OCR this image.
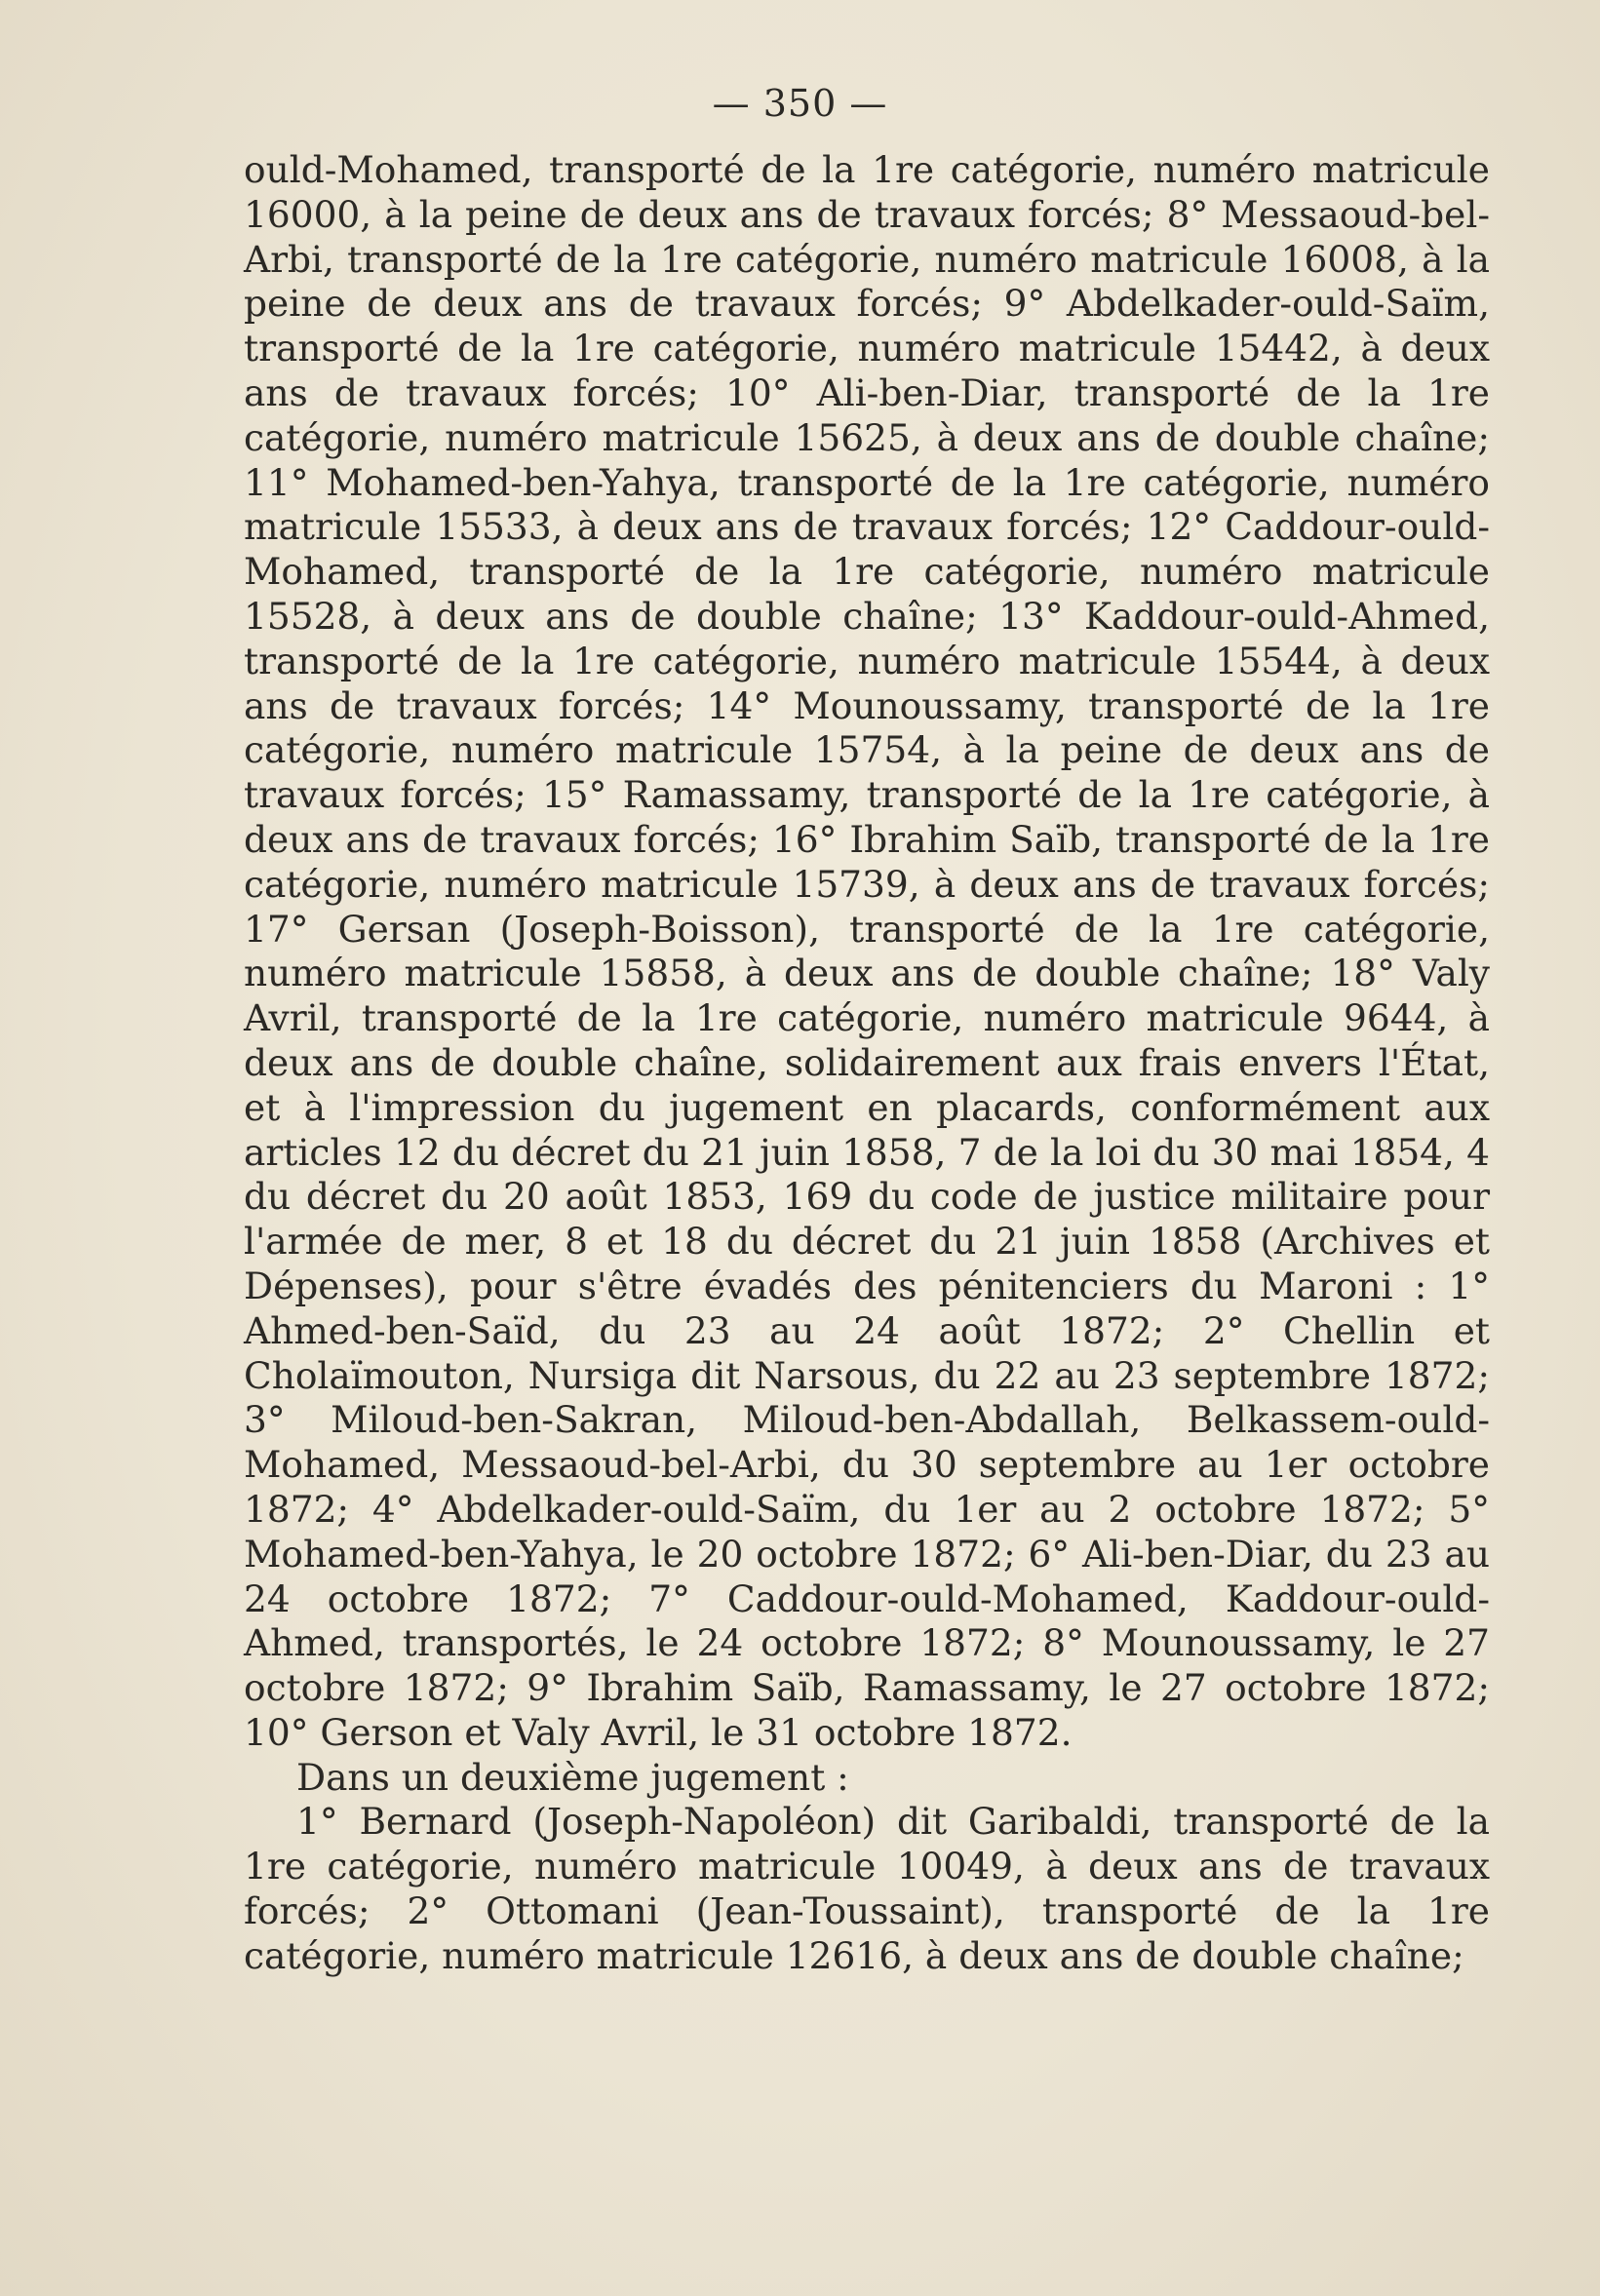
— 350 —

ould-Mohamed, transporté de la 1re catégorie, numéro matricule 16000, à la peine de deux ans de travaux forcés; 8° Messaoud-bel-Arbi, transporté de la 1re catégorie, numéro matricule 16008, à la peine de deux ans de travaux forcés; 9° Abdelkader-ould-Saïm, transporté de la 1re catégorie, numéro matricule 15442, à deux ans de travaux forcés; 10° Ali-ben-Diar, transporté de la 1re catégorie, numéro matricule 15625, à deux ans de double chaîne; 11° Mohamed-ben-Yahya, transporté de la 1re catégorie, numéro matricule 15533, à deux ans de travaux forcés; 12° Caddour-ould-Mohamed, transporté de la 1re catégorie, numéro matricule 15528, à deux ans de double chaîne; 13° Kaddour-ould-Ahmed, transporté de la 1re catégorie, numéro matricule 15544, à deux ans de travaux forcés; 14° Mounoussamy, transporté de la 1re catégorie, numéro matricule 15754, à la peine de deux ans de travaux forcés; 15° Ramassamy, transporté de la 1re catégorie, à deux ans de travaux forcés; 16° Ibrahim Saïb, transporté de la 1re catégorie, numéro matricule 15739, à deux ans de travaux forcés; 17° Gersan (Joseph-Boisson), transporté de la 1re catégorie, numéro matricule 15858, à deux ans de double chaîne; 18° Valy Avril, transporté de la 1re catégorie, numéro matricule 9644, à deux ans de double chaîne, solidairement aux frais envers l'État, et à l'impression du jugement en placards, conformément aux articles 12 du décret du 21 juin 1858, 7 de la loi du 30 mai 1854, 4 du décret du 20 août 1853, 169 du code de justice militaire pour l'armée de mer, 8 et 18 du décret du 21 juin 1858 (Archives et Dépenses), pour s'être évadés des pénitenciers du Maroni : 1° Ahmed-ben-Saïd, du 23 au 24 août 1872; 2° Chellin et Cholaïmouton, Nursiga dit Narsous, du 22 au 23 septembre 1872; 3° Miloud-ben-Sakran, Miloud-ben-Abdallah, Belkassem-ould-Mohamed, Messaoud-bel-Arbi, du 30 septembre au 1er octobre 1872; 4° Abdelkader-ould-Saïm, du 1er au 2 octobre 1872; 5° Mohamed-ben-Yahya, le 20 octobre 1872; 6° Ali-ben-Diar, du 23 au 24 octobre 1872; 7° Caddour-ould-Mohamed, Kaddour-ould-Ahmed, transportés, le 24 octobre 1872; 8° Mounoussamy, le 27 octobre 1872; 9° Ibrahim Saïb, Ramassamy, le 27 octobre 1872; 10° Gerson et Valy Avril, le 31 octobre 1872.

Dans un deuxième jugement :

1° Bernard (Joseph-Napoléon) dit Garibaldi, transporté de la 1re catégorie, numéro matricule 10049, à deux ans de travaux forcés; 2° Ottomani (Jean-Toussaint), transporté de la 1re catégorie, numéro matricule 12616, à deux ans de double chaîne;
